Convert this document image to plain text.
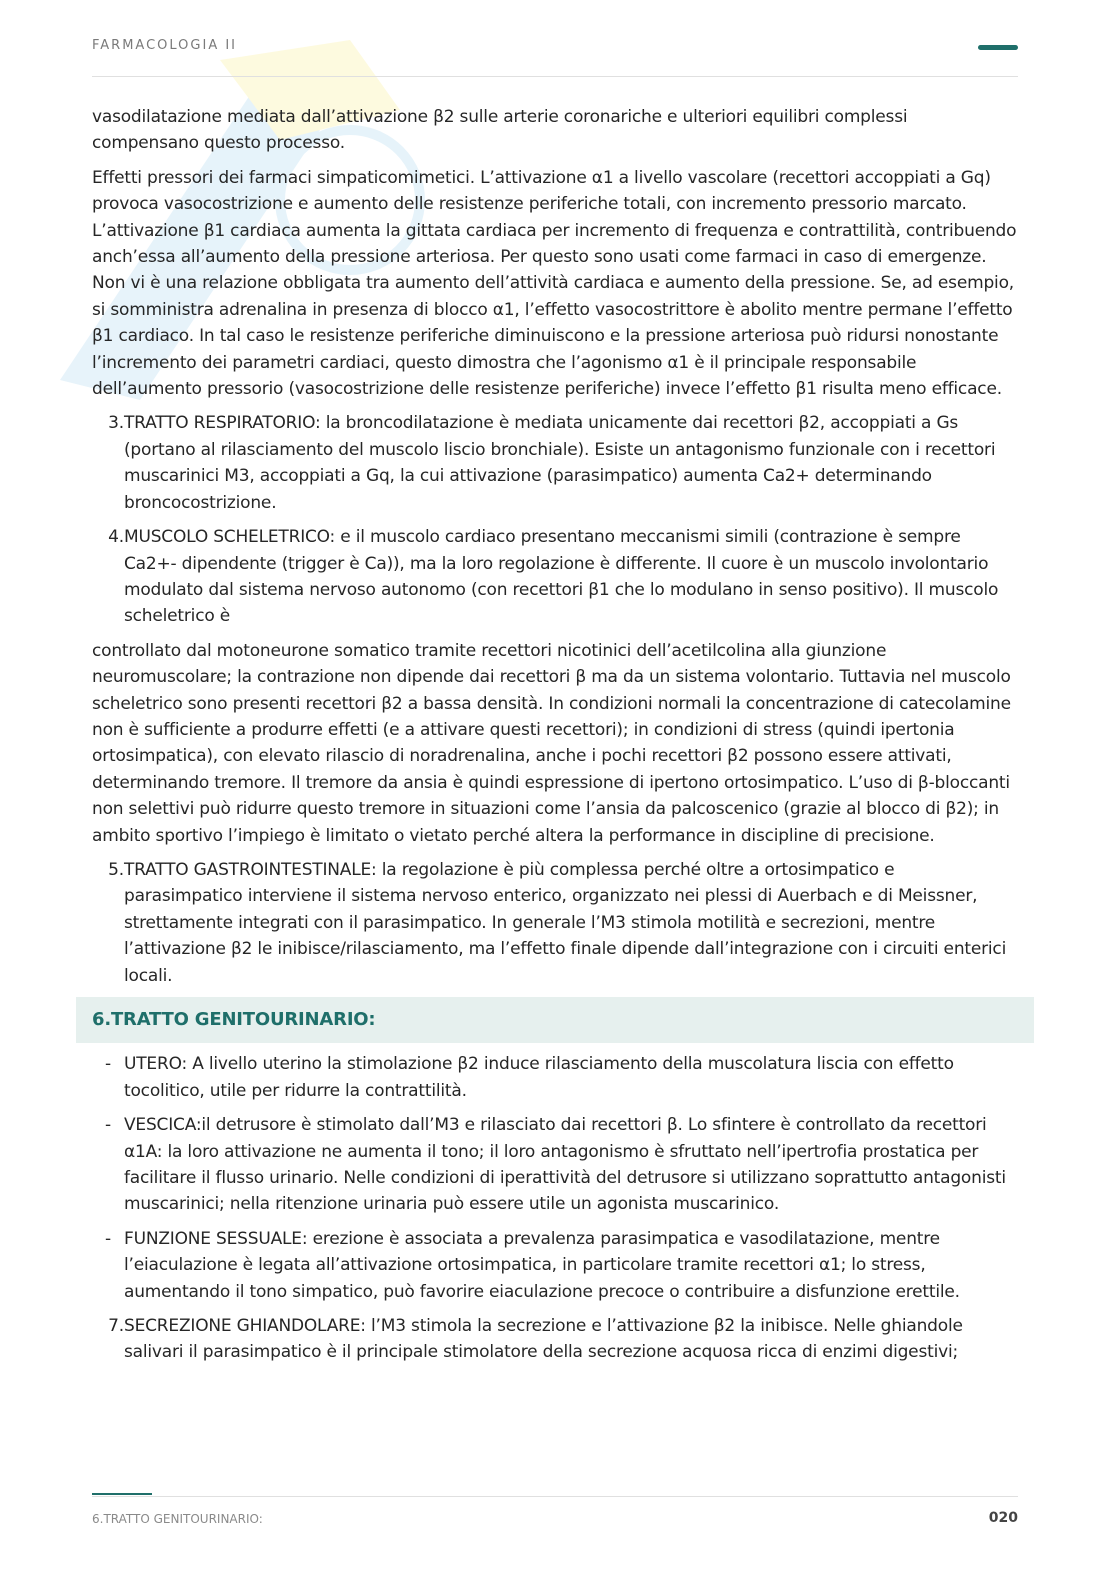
FARMACOLOGIA II

vasodilatazione mediata dall’attivazione β2 sulle arterie coronariche e ulteriori equilibri complessi compensano questo processo.

Effetti pressori dei farmaci simpaticomimetici. L’attivazione α1 a livello vascolare (recettori accoppiati a Gq) provoca vasocostrizione e aumento delle resistenze periferiche totali, con incremento pressorio marcato. L’attivazione β1 cardiaca aumenta la gittata cardiaca per incremento di frequenza e contrattilità, contribuendo anch’essa all’aumento della pressione arteriosa. Per questo sono usati come farmaci in caso di emergenze. Non vi è una relazione obbligata tra aumento dell’attività cardiaca e aumento della pressione. Se, ad esempio, si somministra adrenalina in presenza di blocco α1, l’effetto vasocostrittore è abolito mentre permane l’effetto β1 cardiaco. In tal caso le resistenze periferiche diminuiscono e la pressione arteriosa può ridursi nonostante l’incremento dei parametri cardiaci, questo dimostra che l’agonismo α1 è il principale responsabile dell’aumento pressorio (vasocostrizione delle resistenze periferiche) invece l’effetto β1 risulta meno efficace.

3. TRATTO RESPIRATORIO: la broncodilatazione è mediata unicamente dai recettori β2, accoppiati a Gs (portano al rilasciamento del muscolo liscio bronchiale). Esiste un antagonismo funzionale con i recettori muscarinici M3, accoppiati a Gq, la cui attivazione (parasimpatico) aumenta Ca2+ determinando broncocostrizione.
4. MUSCOLO SCHELETRICO: e il muscolo cardiaco presentano meccanismi simili (contrazione è sempre Ca2+- dipendente (trigger è Ca)), ma la loro regolazione è differente. Il cuore è un muscolo involontario modulato dal sistema nervoso autonomo (con recettori β1 che lo modulano in senso positivo). Il muscolo scheletrico è

controllato dal motoneurone somatico tramite recettori nicotinici dell’acetilcolina alla giunzione neuromuscolare; la contrazione non dipende dai recettori β ma da un sistema volontario. Tuttavia nel muscolo scheletrico sono presenti recettori β2 a bassa densità. In condizioni normali la concentrazione di catecolamine non è sufficiente a produrre effetti (e a attivare questi recettori); in condizioni di stress (quindi ipertonia ortosimpatica), con elevato rilascio di noradrenalina, anche i pochi recettori β2 possono essere attivati, determinando tremore. Il tremore da ansia è quindi espressione di ipertono ortosimpatico. L’uso di β-bloccanti non selettivi può ridurre questo tremore in situazioni come l’ansia da palcoscenico (grazie al blocco di β2); in ambito sportivo l’impiego è limitato o vietato perché altera la performance in discipline di precisione.

5. TRATTO GASTROINTESTINALE: la regolazione è più complessa perché oltre a ortosimpatico e parasimpatico interviene il sistema nervoso enterico, organizzato nei plessi di Auerbach e di Meissner, strettamente integrati con il parasimpatico. In generale l’M3 stimola motilità e secrezioni, mentre l’attivazione β2 le inibisce/rilasciamento, ma l’effetto finale dipende dall’integrazione con i circuiti enterici locali.
6.TRATTO GENITOURINARIO:
- UTERO: A livello uterino la stimolazione β2 induce rilasciamento della muscolatura liscia con effetto tocolitico, utile per ridurre la contrattilità.
- VESCICA:il detrusore è stimolato dall’M3 e rilasciato dai recettori β. Lo sfintere è controllato da recettori α1A: la loro attivazione ne aumenta il tono; il loro antagonismo è sfruttato nell’ipertrofia prostatica per facilitare il flusso urinario. Nelle condizioni di iperattività del detrusore si utilizzano soprattutto antagonisti muscarinici; nella ritenzione urinaria può essere utile un agonista muscarinico.
- FUNZIONE SESSUALE: erezione è associata a prevalenza parasimpatica e vasodilatazione, mentre l’eiaculazione è legata all’attivazione ortosimpatica, in particolare tramite recettori α1; lo stress, aumentando il tono simpatico, può favorire eiaculazione precoce o contribuire a disfunzione erettile.
7. SECREZIONE GHIANDOLARE: l’M3 stimola la secrezione e l’attivazione β2 la inibisce. Nelle ghiandole salivari il parasimpatico è il principale stimolatore della secrezione acquosa ricca di enzimi digestivi;
6.TRATTO GENITOURINARIO:	020
